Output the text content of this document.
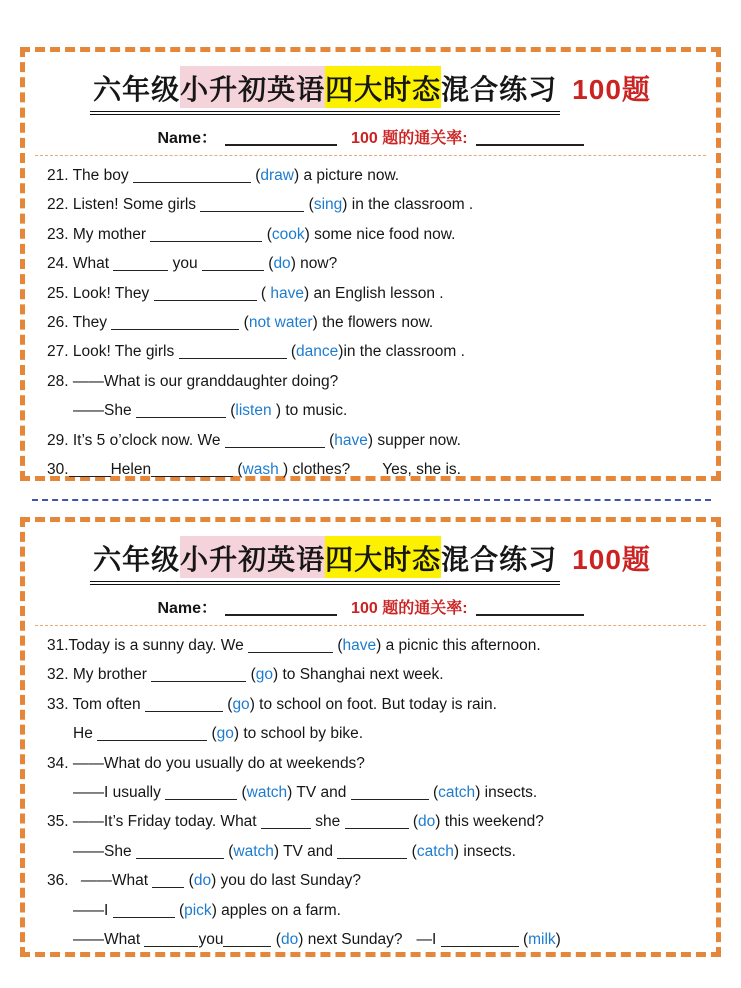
六年级小升初英语四大时态混合练习 100题
Name：	100 题的通关率:
21. The boy	(draw) a picture now.
22. Listen! Some girls	(sing) in the classroom .
23. My mother	(cook) some nice food now.
24. What	you	(do) now?
25. Look! They	( have) an English lesson .
26. They	(not water) the flowers now.
27. Look! The girls	(dance)in the classroom .
28. ——What is our granddaughter doing?
——She	(listen ) to music.
29. It’s 5 o’clock now. We	(have) supper now.
30.	Helen	(wash ) clothes? Yes, she is.
六年级小升初英语四大时态混合练习 100题
Name：	100 题的通关率:
31.Today is a sunny day. We	(have) a picnic this afternoon.
32. My brother	(go) to Shanghai next week.
33. Tom often	(go) to school on foot. But today is rain.
He	(go) to school by bike.
34. ——What do you usually do at weekends?
——I usually	(watch) TV and	(catch) insects.
35. ——It’s Friday today. What	she	(do) this weekend?
——She	(watch) TV and	(catch) insects.
36. ——What  (do) you do last Sunday?
——I	(pick) apples on a farm.
——What	you	(do) next Sunday? —I	(milk)
